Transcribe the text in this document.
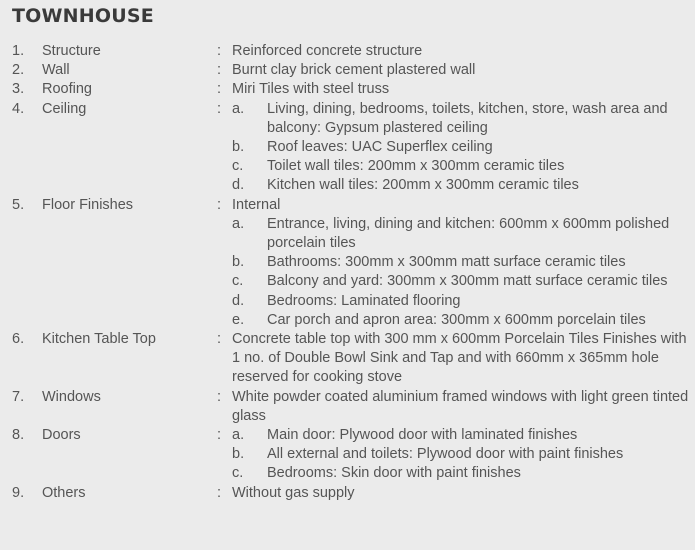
TOWNHOUSE
1. Structure	: Reinforced concrete structure
2. Wall	: Burnt clay brick cement plastered wall
3. Roofing	: Miri Tiles with steel truss
4. Ceiling	: a. Living, dining, bedrooms, toilets, kitchen, store, wash area and balcony: Gypsum plastered ceiling
b. Roof leaves: UAC Superflex ceiling
c. Toilet wall tiles: 200mm x 300mm ceramic tiles
d. Kitchen wall tiles: 200mm x 300mm ceramic tiles
5. Floor Finishes	: Internal
a. Entrance, living, dining and kitchen: 600mm x 600mm polished porcelain tiles
b. Bathrooms: 300mm x 300mm matt surface ceramic tiles
c. Balcony and yard: 300mm x 300mm matt surface ceramic tiles
d. Bedrooms: Laminated flooring
e. Car porch and apron area: 300mm x 600mm porcelain tiles
6. Kitchen Table Top	: Concrete table top with 300 mm x 600mm Porcelain Tiles Finishes with 1 no. of Double Bowl Sink and Tap and with 660mm x 365mm hole reserved for cooking stove
7. Windows	: White powder coated aluminium framed windows with light green tinted glass
8. Doors	: a. Main door: Plywood door with laminated finishes
b. All external and toilets: Plywood door with paint finishes
c. Bedrooms: Skin door with paint finishes
9. Others	: Without gas supply
